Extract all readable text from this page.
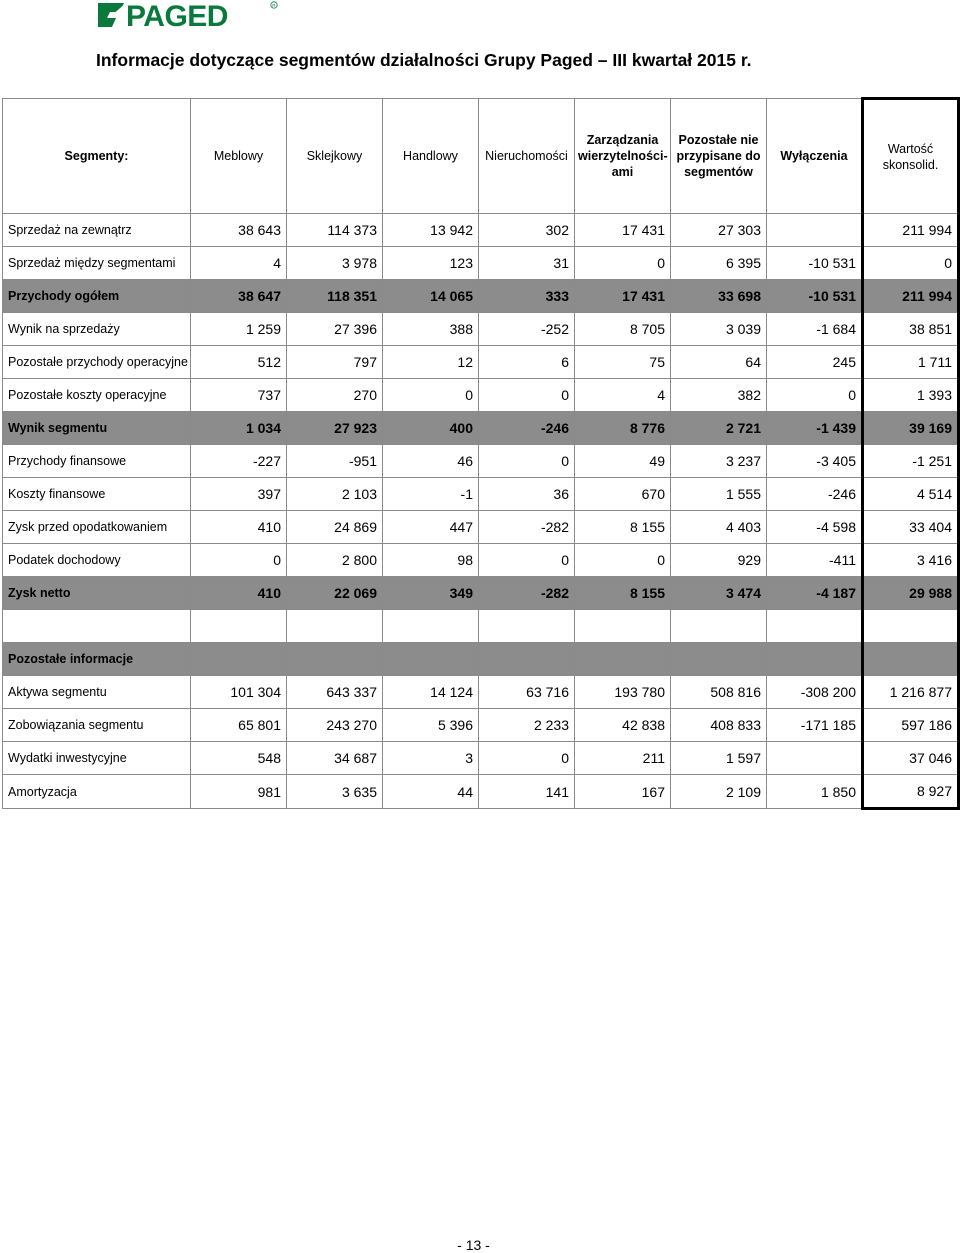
PAGED	R
Informacje dotyczące segmentów działalności Grupy Paged – III kwartał 2015 r.
Segmenty:	Meblowy	Sklejkowy	Handlowy	Nieruchomości	Zarządzania wierzytelności-ami	Pozostałe nie przypisane do segmentów	Wyłączenia	Wartość skonsolid.
Sprzedaż na zewnątrz	38 643	114 373	13 942	302	17 431	27 303		211 994
Sprzedaż między segmentami	4	3 978	123	31	0	6 395	-10 531	0
Przychody ogółem	38 647	118 351	14 065	333	17 431	33 698	-10 531	211 994
Wynik na sprzedaży	1 259	27 396	388	-252	8 705	3 039	-1 684	38 851
Pozostałe przychody operacyjne	512	797	12	6	75	64	245	1 711
Pozostałe koszty operacyjne	737	270	0	0	4	382	0	1 393
Wynik segmentu	1 034	27 923	400	-246	8 776	2 721	-1 439	39 169
Przychody finansowe	-227	-951	46	0	49	3 237	-3 405	-1 251
Koszty finansowe	397	2 103	-1	36	670	1 555	-246	4 514
Zysk przed opodatkowaniem	410	24 869	447	-282	8 155	4 403	-4 598	33 404
Podatek dochodowy	0	2 800	98	0	0	929	-411	3 416
Zysk netto	410	22 069	349	-282	8 155	3 474	-4 187	29 988

Pozostałe informacje								
Aktywa segmentu	101 304	643 337	14 124	63 716	193 780	508 816	-308 200	1 216 877
Zobowiązania segmentu	65 801	243 270	5 396	2 233	42 838	408 833	-171 185	597 186
Wydatki inwestycyjne	548	34 687	3	0	211	1 597		37 046
Amortyzacja	981	3 635	44	141	167	2 109	1 850	8 927
- 13 -
